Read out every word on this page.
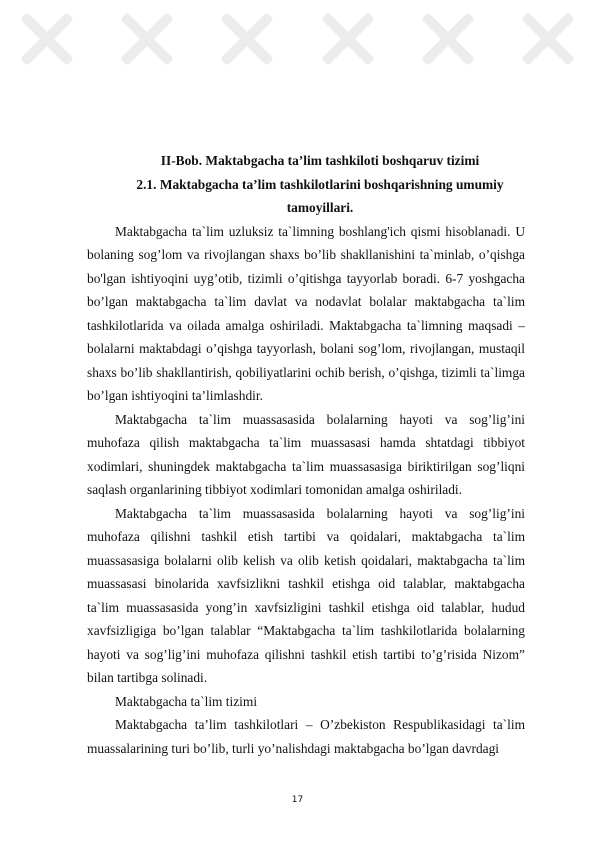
II-Bob. Maktabgacha ta’lim tashkiloti boshqaruv tizimi

2.1. Maktabgacha ta’lim tashkilotlarini boshqarishning umumiy tamoyillari.

Maktabgacha ta`lim uzluksiz ta`limning boshlang'ich qismi hisoblanadi. U bolaning sog’lom va rivojlangan shaxs bo’lib shakllanishini ta`minlab, o’qishga bo'lgan ishtiyoqini uyg’otib, tizimli o’qitishga tayyorlab boradi. 6-7 yoshgacha bo’lgan maktabgacha ta`lim davlat va nodavlat bolalar maktabgacha ta`lim tashkilotlarida va oilada amalga oshiriladi. Maktabgacha ta`limning maqsadi – bolalarni maktabdagi o’qishga tayyorlash, bolani sog’lom, rivojlangan, mustaqil shaxs bo’lib shakllantirish, qobiliyatlarini ochib berish, o’qishga, tizimli ta`limga bo’lgan ishtiyoqini ta’limlashdir.

Maktabgacha ta`lim muassasasida bolalarning hayoti va sog’lig’ini muhofaza qilish maktabgacha ta`lim muassasasi hamda shtatdagi tibbiyot xodimlari, shuningdek maktabgacha ta`lim muassasasiga biriktirilgan sog’liqni saqlash organlarining tibbiyot xodimlari tomonidan amalga oshiriladi.

Maktabgacha ta`lim muassasasida bolalarning hayoti va sog’lig’ini muhofaza qilishni tashkil etish tartibi va qoidalari, maktabgacha ta`lim muassasasiga bolalarni olib kelish va olib ketish qoidalari, maktabgacha ta`lim muassasasi binolarida xavfsizlikni tashkil etishga oid talablar, maktabgacha ta`lim muassasasida yong’in xavfsizligini tashkil etishga oid talablar, hudud xavfsizligiga bo’lgan talablar “Maktabgacha ta`lim tashkilotlarida bolalarning hayoti va sog’lig’ini muhofaza qilishni tashkil etish tartibi to’g’risida Nizom” bilan tartibga solinadi.

Maktabgacha ta`lim tizimi

Maktabgacha ta’lim tashkilotlari – O’zbekiston Respublikasidagi ta`lim muassalarining turi bo’lib, turli yo’nalishdagi maktabgacha bo’lgan davrdagi

17
